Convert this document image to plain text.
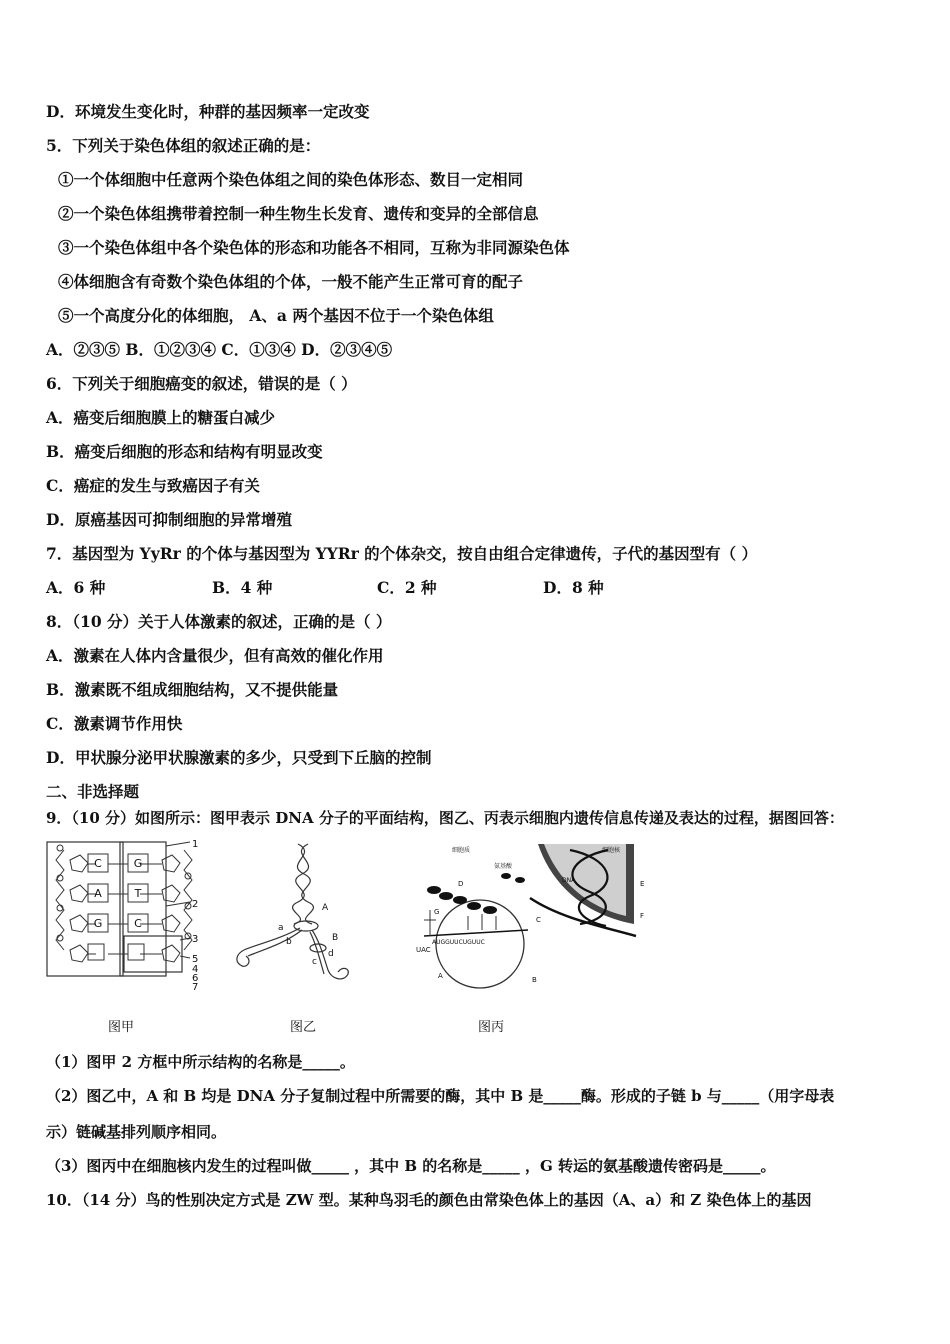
D．环境发生变化时，种群的基因频率一定改变
5．下列关于染色体组的叙述正确的是：
①一个体细胞中任意两个染色体组之间的染色体形态、数目一定相同
②一个染色体组携带着控制一种生物生长发育、遗传和变异的全部信息
③一个染色体组中各个染色体的形态和功能各不相同，互称为非同源染色体
④体细胞含有奇数个染色体组的个体，一般不能产生正常可育的配子
⑤一个高度分化的体细胞， A、a 两个基因不位于一个染色体组
A．②③⑤ B．①②③④ C．①③④ D．②③④⑤
6．下列关于细胞癌变的叙述，错误的是（ ）
A．癌变后细胞膜上的糖蛋白减少
B．癌变后细胞的形态和结构有明显改变
C．癌症的发生与致癌因子有关
D．原癌基因可抑制细胞的异常增殖
7．基因型为 YyRr 的个体与基因型为 YYRr 的个体杂交，按自由组合定律遗传，子代的基因型有（ ）
A．6 种	B．4 种	C．2 种	D．8 种
8．（10 分）关于人体激素的叙述，正确的是（ ）
A．激素在人体内含量很少，但有高效的催化作用
B．激素既不组成细胞结构，又不提供能量
C．激素调节作用快
D．甲状腺分泌甲状腺激素的多少，只受到下丘脑的控制
二、非选择题
9．（10 分）如图所示：图甲表示 DNA 分子的平面结构，图乙、丙表示细胞内遗传信息传递及表达的过程，据图回答：
C	G
A	T
G	C
1
2
3
5
4
6
7
图甲
A
B
a
b
c
d
图乙
细胞质
氨基酸
细胞核
DNA
D	E
F
G
C
A	B
UAC
AUGGUUCUGUUC
图丙
（1）图甲 2 方框中所示结构的名称是_____。
（2）图乙中，A 和 B 均是 DNA 分子复制过程中所需要的酶，其中 B 是_____酶。形成的子链 b 与_____（用字母表
示）链碱基排列顺序相同。
（3）图丙中在细胞核内发生的过程叫做_____ ，其中 B 的名称是_____ ，G 转运的氨基酸遗传密码是_____。
10．（14 分）鸟的性别决定方式是 ZW 型。某种鸟羽毛的颜色由常染色体上的基因（A、a）和 Z 染色体上的基因
